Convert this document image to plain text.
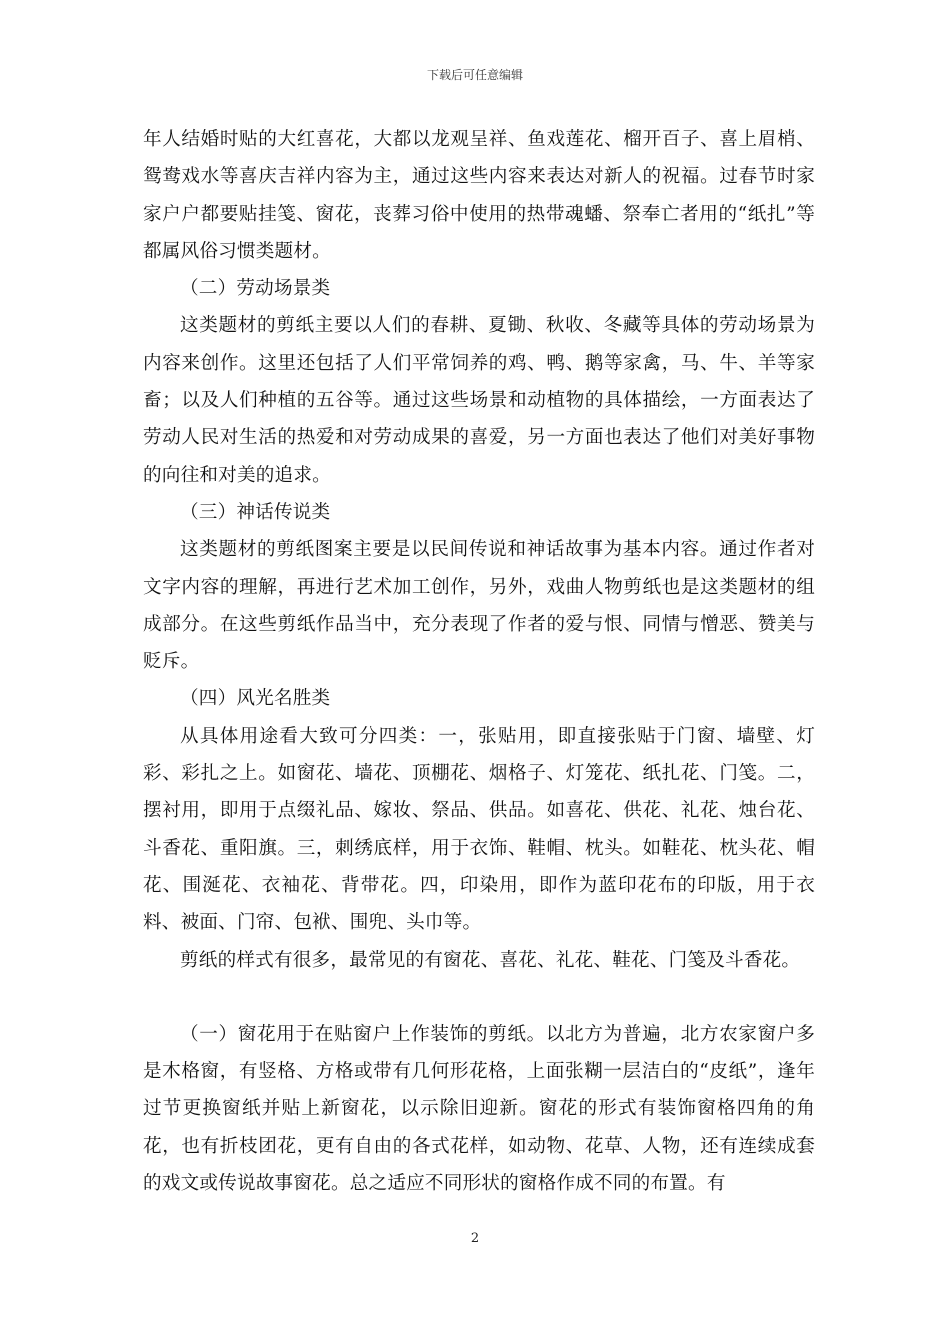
下载后可任意编辑

年人结婚时贴的大红喜花，大都以龙观呈祥、鱼戏莲花、榴开百子、喜上眉梢、鸳鸯戏水等喜庆吉祥内容为主，通过这些内容来表达对新人的祝福。过春节时家家户户都要贴挂笺、窗花，丧葬习俗中使用的热带魂蟠、祭奉亡者用的“纸扎”等都属风俗习惯类题材。

（二）劳动场景类

这类题材的剪纸主要以人们的春耕、夏锄、秋收、冬藏等具体的劳动场景为内容来创作。这里还包括了人们平常饲养的鸡、鸭、鹅等家禽，马、牛、羊等家畜；以及人们种植的五谷等。通过这些场景和动植物的具体描绘，一方面表达了劳动人民对生活的热爱和对劳动成果的喜爱，另一方面也表达了他们对美好事物的向往和对美的追求。

（三）神话传说类

这类题材的剪纸图案主要是以民间传说和神话故事为基本内容。通过作者对文字内容的理解，再进行艺术加工创作，另外，戏曲人物剪纸也是这类题材的组成部分。在这些剪纸作品当中，充分表现了作者的爱与恨、同情与憎恶、赞美与贬斥。

（四）风光名胜类

从具体用途看大致可分四类：一，张贴用，即直接张贴于门窗、墙壁、灯彩、彩扎之上。如窗花、墙花、顶棚花、烟格子、灯笼花、纸扎花、门笺。二，摆衬用，即用于点缀礼品、嫁妆、祭品、供品。如喜花、供花、礼花、烛台花、斗香花、重阳旗。三，刺绣底样，用于衣饰、鞋帽、枕头。如鞋花、枕头花、帽花、围涎花、衣袖花、背带花。四，印染用，即作为蓝印花布的印版，用于衣料、被面、门帘、包袱、围兜、头巾等。

剪纸的样式有很多，最常见的有窗花、喜花、礼花、鞋花、门笺及斗香花。

（一）窗花用于在贴窗户上作装饰的剪纸。以北方为普遍，北方农家窗户多是木格窗，有竖格、方格或带有几何形花格，上面张糊一层洁白的“皮纸”，逢年过节更换窗纸并贴上新窗花，以示除旧迎新。窗花的形式有装饰窗格四角的角花，也有折枝团花，更有自由的各式花样，如动物、花草、人物，还有连续成套的戏文或传说故事窗花。总之适应不同形状的窗格作成不同的布置。有

2
